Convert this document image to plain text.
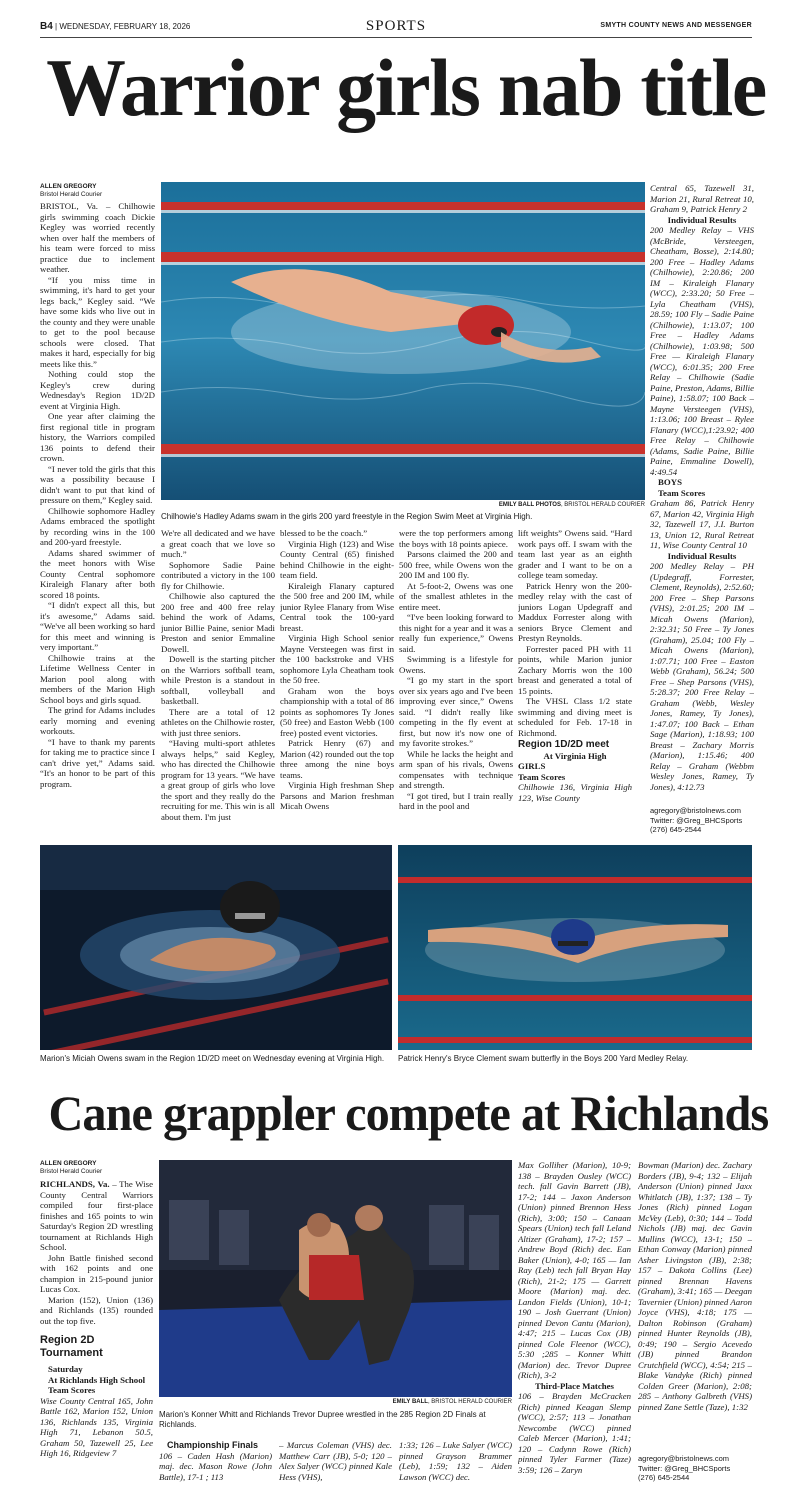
B4 | WEDNESDAY, FEBRUARY 18, 2026	SPORTS	SMYTH COUNTY NEWS AND MESSENGER
Warrior girls nab title
ALLEN GREGORY
Bristol Herald Courier

BRISTOL, Va. – Chilhowie girls swimming coach Dickie Kegley was worried recently when over half the members of his team were forced to miss practice due to inclement weather.

“If you miss time in swimming, it's hard to get your legs back,” Kegley said. “We have some kids who live out in the county and they were unable to get to the pool because schools were closed. That makes it hard, especially for big meets like this.”

Nothing could stop the Kegley's crew during Wednesday's Region 1D/2D event at Virginia High.

One year after claiming the first regional title in program history, the Warriors compiled 136 points to defend their crown.

“I never told the girls that this was a possibility because I didn't want to put that kind of pressure on them,” Kegley said.

Chilhowie sophomore Hadley Adams embraced the spotlight by recording wins in the 100 and 200-yard freestyle.

Adams shared swimmer of the meet honors with Wise County Central sophomore Kiraleigh Flanary after both scored 18 points.

“I didn't expect all this, but it's awesome,” Adams said. “We've all been working so hard for this meet and winning is very important.”

Chilhowie trains at the Lifetime Wellness Center in Marion pool along with members of the Marion High School boys and girls squad.

The grind for Adams includes early morning and evening workouts.

“I have to thank my parents for taking me to practice since I can't drive yet,” Adams said. “It's an honor to be part of this program.

EMILY BALL PHOTOS, BRISTOL HERALD COURIER
Chilhowie's Hadley Adams swam in the girls 200 yard freestyle in the Region Swim Meet at Virginia High.

We're all dedicated and we have a great coach that we love so much.”

Sophomore Sadie Paine contributed a victory in the 100 fly for Chilhowie.

Chilhowie also captured the 200 free and 400 free relay behind the work of Adams, junior Billie Paine, senior Madi Preston and senior Emmaline Dowell.

Dowell is the starting pitcher on the Warriors softball team, while Preston is a standout in softball, volleyball and basketball.

There are a total of 12 athletes on the Chilhowie roster, with just three seniors.

“Having multi-sport athletes always helps,” said Kegley, who has directed the Chilhowie program for 13 years. “We have a great group of girls who love the sport and they really do the recruiting for me. This win is all about them. I'm just

blessed to be the coach.”

Virginia High (123) and Wise County Central (65) finished behind Chilhowie in the eight-team field.

Kiraleigh Flanary captured the 500 free and 200 IM, while junior Rylee Flanary from Wise Central took the 100-yard breast.

Virginia High School senior Mayne Versteegen was first in the 100 backstroke and VHS sophomore Lyla Cheatham took the 50 free.

Graham won the boys championship with a total of 86 points as sophomores Ty Jones (50 free) and Easton Webb (100 free) posted event victories.

Patrick Henry (67) and Marion (42) rounded out the top three among the nine boys teams.

Virginia High freshman Shep Parsons and Marion freshman Micah Owens

were the top performers among the boys with 18 points apiece.

Parsons claimed the 200 and 500 free, while Owens won the 200 IM and 100 fly.

At 5-foot-2, Owens was one of the smallest athletes in the entire meet.

“I've been looking forward to this night for a year and it was a really fun experience,” Owens said.

Swimming is a lifestyle for Owens.

“I go my start in the sport over six years ago and I've been improving ever since,” Owens said. “I didn't really like competing in the fly event at first, but now it's now one of my favorite strokes.”

While he lacks the height and arm span of his rivals, Owens compensates with technique and strength.

“I got tired, but I train really hard in the pool and

lift weights” Owens said. “Hard work pays off. I swam with the team last year as an eighth grader and I want to be on a college team someday.

Patrick Henry won the 200-medley relay with the cast of juniors Logan Updegraff and Maddux Forrester along with seniors Bryce Clement and Prestyn Reynolds.

Forrester paced PH with 11 points, while Marion junior Zachary Morris won the 100 breast and generated a total of 15 points.

The VHSL Class 1/2 state swimming and diving meet is scheduled for Feb. 17-18 in Richmond.

Region 1D/2D meet
At Virginia High
GIRLS
Team Scores
Chilhowie 136, Virginia High 123, Wise County
Central 65, Tazewell 31, Marion 21, Rural Retreat 10, Graham 9, Patrick Henry 2
Individual Results
200 Medley Relay – VHS (McBride, Versteegen, Cheatham, Bosse), 2:14.80; 200 Free – Hadley Adams (Chilhowie), 2:20.86; 200 IM – Kiraleigh Flanary (WCC), 2:33.20; 50 Free – Lyla Cheatham (VHS), 28.59; 100 Fly – Sadie Paine (Chilhowie), 1:13.07; 100 Free – Hadley Adams (Chilhowie), 1:03.98; 500 Free — Kiraleigh Flanary (WCC), 6:01.35; 200 Free Relay – Chilhowie (Sadie Paine, Preston, Adams, Billie Paine), 1:58.07; 100 Back – Mayne Versteegen (VHS), 1:13.06; 100 Breast – Rylee Flanary (WCC),1:23.92; 400 Free Relay – Chilhowie (Adams, Sadie Paine, Billie Paine, Emmaline Dowell), 4:49.54
BOYS
Team Scores
Graham 86, Patrick Henry 67, Marion 42, Virginia High 32, Tazewell 17, J.I. Burton 13, Union 12, Rural Retreat 11, Wise County Central 10
Individual Results
200 Medley Relay – PH (Updegraff, Forrester, Clement, Reynolds), 2:52.60; 200 Free – Shep Parsons (VHS), 2:01.25; 200 IM – Micah Owens (Marion), 2:32.31; 50 Free – Ty Jones (Graham), 25.04; 100 Fly – Micah Owens (Marion), 1:07.71; 100 Free – Easton Webb (Graham), 56.24; 500 Free – Shep Parsons (VHS), 5:28.37; 200 Free Relay – Graham (Webb, Wesley Jones, Ramey, Ty Jones), 1:47.07; 100 Back – Ethan Sage (Marion), 1:18.93; 100 Breast – Zachary Morris (Marion), 1:15.46; 400 Relay – Graham (Webbm Wesley Jones, Ramey, Ty Jones), 4:12.73
agregory@bristolnews.com
Twitter: @Greg_BHCSports
(276) 645-2544
Marion's Miciah Owens swam in the Region 1D/2D meet on Wednesday evening at Virginia High.	Patrick Henry's Bryce Clement swam butterfly in the Boys 200 Yard Medley Relay.
Cane grappler compete at Richlands
ALLEN GREGORY
Bristol Herald Courier

RICHLANDS, Va. – The Wise County Central Warriors compiled four first-place finishes and 165 points to win Saturday's Region 2D wrestling tournament at Richlands High School.

John Battle finished second with 162 points and one champion in 215-pound junior Lucas Cox.

Marion (152), Union (136) and Richlands (135) rounded out the top five.

Region 2D Tournament
Saturday
At Richlands High School
Team Scores
Wise County Central 165, John Battle 162, Marion 152, Union 136, Richlands 135, Virginia High 71, Lebanon 50.5, Graham 50, Tazewell 25, Lee High 16, Ridgeview 7
EMILY BALL, BRISTOL HERALD COURIER
Marion's Konner Whitt and Richlands Trevor Dupree wrestled in the 285 Region 2D Finals at Richlands.
Championship Finals
106 – Caden Hash (Marion) maj. dec. Mason Rowe (John Battle), 17-1 ; 113
– Marcus Coleman (VHS) dec. Matthew Carr (JB), 5-0; 120 – Alex Salyer (WCC) pinned Kale Hess (VHS),
1:33; 126 – Luke Salyer (WCC) pinned Grayson Brammer (Leb), 1:59; 132 – Aiden Lawson (WCC) dec.
Max Golliher (Marion), 10-9; 138 – Brayden Ousley (WCC) tech. fall Gavin Barrett (JB), 17-2; 144 – Jaxon Anderson (Union) pinned Brennon Hess (Rich), 3:00; 150 – Canaan Spears (Union) tech fall Leland Altizer (Graham), 17-2; 157 – Andrew Boyd (Rich) dec. Ean Baker (Union), 4-0; 165 — Ian Ray (Leb) tech fall Bryan Hay (Rich), 21-2; 175 — Garrett Moore (Marion) maj. dec. Landon Fields (Union), 10-1; 190 – Josh Guerrant (Union) pinned Devon Cantu (Marion), 4:47; 215 – Lucas Cox (JB) pinned Cole Fleenor (WCC), 5:30 ;285 – Konner Whitt (Marion) dec. Trevor Dupree (Rich), 3-2
Third-Place Matches
106 – Brayden McCracken (Rich) pinned Keagan Slemp (WCC), 2:57; 113 – Jonathan Newcombe (WCC) pinned Caleb Mercer (Marion), 1:41; 120 – Cadynn Rowe (Rich) pinned Tyler Farmer (Taze) 3:59; 126 – Zaryn
Bowman (Marion) dec. Zachary Borders (JB), 9-4; 132 – Elijah Anderson (Union) pinned Jaxx Whitlatch (JB), 1:37; 138 – Ty Jones (Rich) pinned Logan McVey (Leb), 0:30; 144 – Todd Nichols (JB) maj. dec Gavin Mullins (WCC), 13-1; 150 – Ethan Conway (Marion) pinned Asher Livingston (JB), 2:38; 157 – Dakota Collins (Lee) pinned Brennan Havens (Graham), 3:41; 165 — Deegan Tavernier (Union) pinned Aaron Joyce (VHS), 4:18; 175 — Dalton Robinson (Graham) pinned Hunter Reynolds (JB), 0:49; 190 – Sergio Acevedo (JB) pinned Brandon Crutchfield (WCC), 4:54; 215 – Blake Vandyke (Rich) pinned Colden Greer (Marion), 2:08; 285 – Anthony Galbreth (VHS) pinned Zane Settle (Taze), 1:32
agregory@bristolnews.com
Twitter: @Greg_BHCSports
(276) 645-2544
